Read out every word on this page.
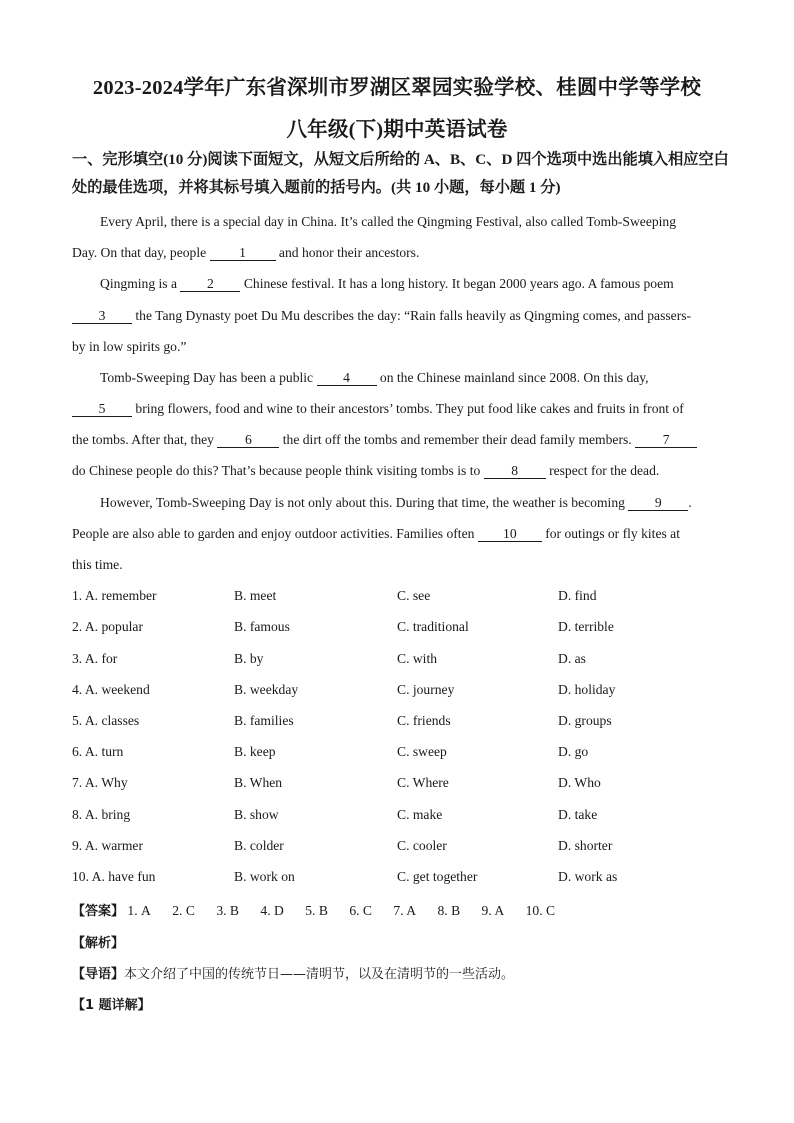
2023-2024学年广东省深圳市罗湖区翠园实验学校、桂圆中学等学校
八年级(下)期中英语试卷
一、完形填空(10 分)阅读下面短文，从短文后所给的 A、B、C、D 四个选项中选出能填入相应空白处的最佳选项，并将其标号填入题前的括号内。(共 10 小题，每小题 1 分)
Every April, there is a special day in China. It’s called the Qingming Festival, also called Tomb-Sweeping
Day. On that day, people 1 and honor their ancestors.
Qingming is a 2 Chinese festival. It has a long history. It began 2000 years ago. A famous poem
3 the Tang Dynasty poet Du Mu describes the day: “Rain falls heavily as Qingming comes, and passers-
by in low spirits go.”
Tomb-Sweeping Day has been a public 4 on the Chinese mainland since 2008. On this day,
5 bring flowers, food and wine to their ancestors’ tombs. They put food like cakes and fruits in front of
the tombs. After that, they 6 the dirt off the tombs and remember their dead family members. 7
do Chinese people do this? That’s because people think visiting tombs is to 8 respect for the dead.
However, Tomb-Sweeping Day is not only about this. During that time, the weather is becoming 9 .
People are also able to garden and enjoy outdoor activities. Families often 10 for outings or fly kites at
this time.
1. A. remember	B. meet	C. see	D. find
2. A. popular	B. famous	C. traditional	D. terrible
3. A. for	B. by	C. with	D. as
4. A. weekend	B. weekday	C. journey	D. holiday
5. A. classes	B. families	C. friends	D. groups
6. A. turn	B. keep	C. sweep	D. go
7. A. Why	B. When	C. Where	D. Who
8. A. bring	B. show	C. make	D. take
9. A. warmer	B. colder	C. cooler	D. shorter
10. A. have fun	B. work on	C. get together	D. work as
【答案】 1. A 2. C 3. B 4. D 5. B 6. C 7. A 8. B 9. A 10. C
【解析】
【导语】本文介绍了中国的传统节日——清明节，以及在清明节的一些活动。
【1 题详解】
